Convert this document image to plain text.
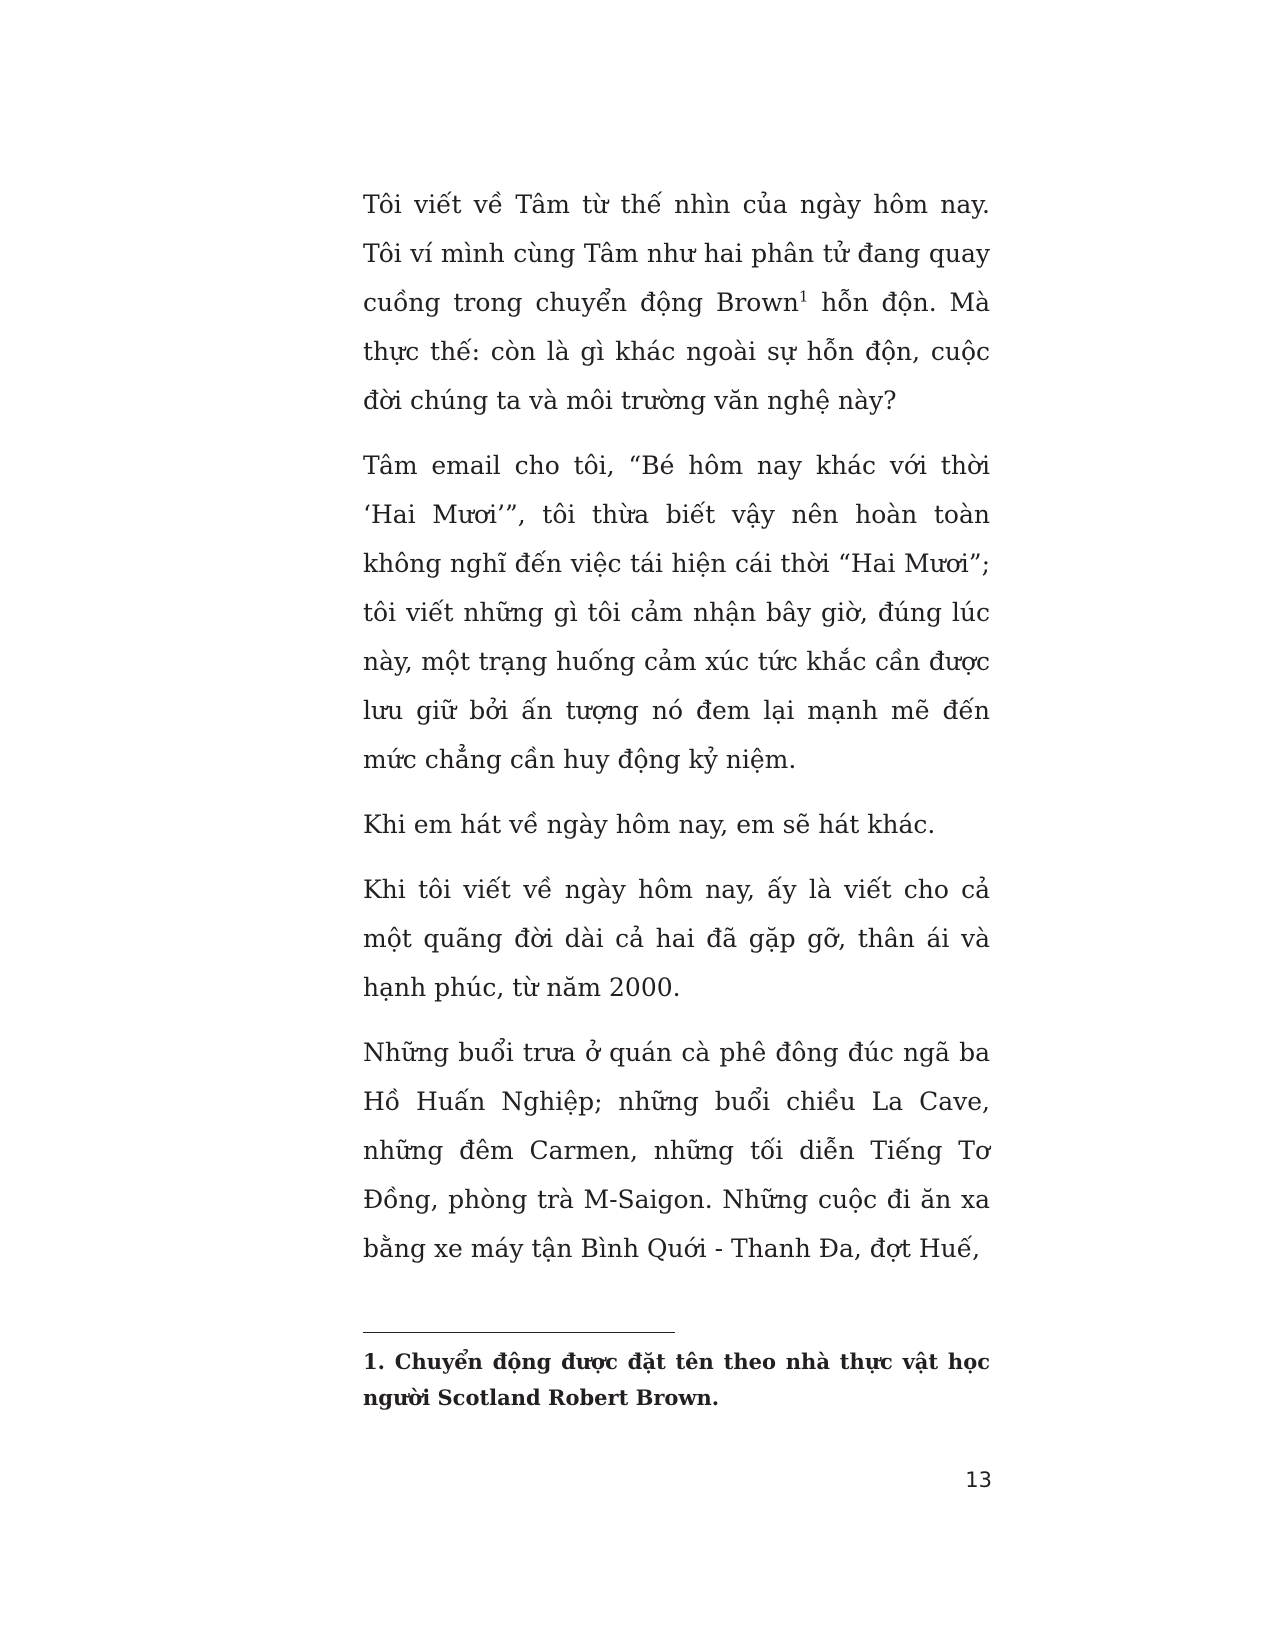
Tôi viết về Tâm từ thế nhìn của ngày hôm nay. Tôi ví mình cùng Tâm như hai phân tử đang quay cuồng trong chuyển động Brown$^1$ hỗn độn. Mà thực thế: còn là gì khác ngoài sự hỗn độn, cuộc đời chúng ta và môi trường văn nghệ này?

Tâm email cho tôi, “Bé hôm nay khác với thời ‘Hai Mươi’”, tôi thừa biết vậy nên hoàn toàn không nghĩ đến việc tái hiện cái thời “Hai Mươi”; tôi viết những gì tôi cảm nhận bây giờ, đúng lúc này, một trạng huống cảm xúc tức khắc cần được lưu giữ bởi ấn tượng nó đem lại mạnh mẽ đến mức chẳng cần huy động kỷ niệm.

Khi em hát về ngày hôm nay, em sẽ hát khác.

Khi tôi viết về ngày hôm nay, ấy là viết cho cả một quãng đời dài cả hai đã gặp gỡ, thân ái và hạnh phúc, từ năm 2000.

Những buổi trưa ở quán cà phê đông đúc ngã ba Hồ Huấn Nghiệp; những buổi chiều La Cave, những đêm Carmen, những tối diễn Tiếng Tơ Đồng, phòng trà M-Saigon. Những cuộc đi ăn xa bằng xe máy tận Bình Quới - Thanh Đa, đợt Huế,

1. Chuyển động được đặt tên theo nhà thực vật học người Scotland Robert Brown.

13
